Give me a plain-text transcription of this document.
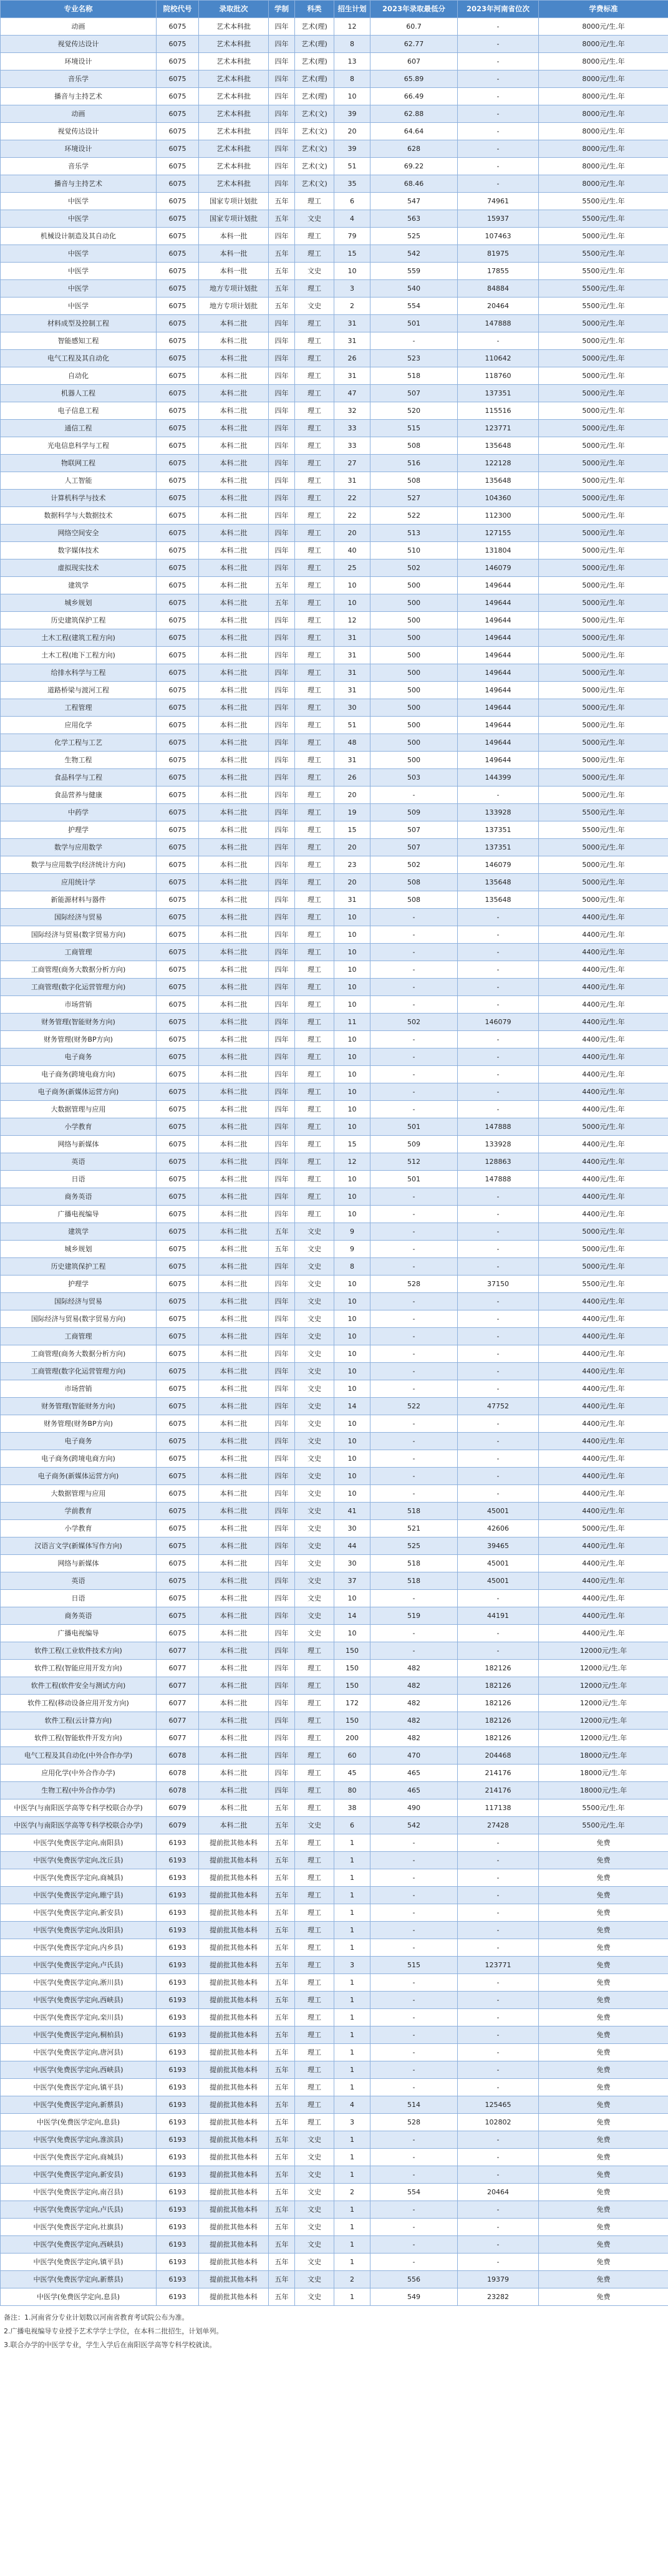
专业名称	院校代号	录取批次	学制	科类	招生计划	2023年录取最低分	2023年河南省位次	学费标准
动画	6075	艺术本科批	四年	艺术(理)	12	60.7	-	8000元/生.年
视觉传达设计	6075	艺术本科批	四年	艺术(理)	8	62.77	-	8000元/生.年
环境设计	6075	艺术本科批	四年	艺术(理)	13	607	-	8000元/生.年
音乐学	6075	艺术本科批	四年	艺术(理)	8	65.89	-	8000元/生.年
播音与主持艺术	6075	艺术本科批	四年	艺术(理)	10	66.49	-	8000元/生.年
动画	6075	艺术本科批	四年	艺术(文)	39	62.88	-	8000元/生.年
视觉传达设计	6075	艺术本科批	四年	艺术(文)	20	64.64	-	8000元/生.年
环境设计	6075	艺术本科批	四年	艺术(文)	39	628	-	8000元/生.年
音乐学	6075	艺术本科批	四年	艺术(文)	51	69.22	-	8000元/生.年
播音与主持艺术	6075	艺术本科批	四年	艺术(文)	35	68.46	-	8000元/生.年
中医学	6075	国家专项计划批	五年	理工	6	547	74961	5500元/生.年
中医学	6075	国家专项计划批	五年	文史	4	563	15937	5500元/生.年
机械设计制造及其自动化	6075	本科一批	四年	理工	79	525	107463	5000元/生.年
中医学	6075	本科一批	五年	理工	15	542	81975	5500元/生.年
中医学	6075	本科一批	五年	文史	10	559	17855	5500元/生.年
中医学	6075	地方专项计划批	五年	理工	3	540	84884	5500元/生.年
中医学	6075	地方专项计划批	五年	文史	2	554	20464	5500元/生.年
材料成型及控制工程	6075	本科二批	四年	理工	31	501	147888	5000元/生.年
智能感知工程	6075	本科二批	四年	理工	31	-	-	5000元/生.年
电气工程及其自动化	6075	本科二批	四年	理工	26	523	110642	5000元/生.年
自动化	6075	本科二批	四年	理工	31	518	118760	5000元/生.年
机器人工程	6075	本科二批	四年	理工	47	507	137351	5000元/生.年
电子信息工程	6075	本科二批	四年	理工	32	520	115516	5000元/生.年
通信工程	6075	本科二批	四年	理工	33	515	123771	5000元/生.年
光电信息科学与工程	6075	本科二批	四年	理工	33	508	135648	5000元/生.年
物联网工程	6075	本科二批	四年	理工	27	516	122128	5000元/生.年
人工智能	6075	本科二批	四年	理工	31	508	135648	5000元/生.年
计算机科学与技术	6075	本科二批	四年	理工	22	527	104360	5000元/生.年
数据科学与大数据技术	6075	本科二批	四年	理工	22	522	112300	5000元/生.年
网络空间安全	6075	本科二批	四年	理工	20	513	127155	5000元/生.年
数字媒体技术	6075	本科二批	四年	理工	40	510	131804	5000元/生.年
虚拟现实技术	6075	本科二批	四年	理工	25	502	146079	5000元/生.年
建筑学	6075	本科二批	五年	理工	10	500	149644	5000元/生.年
城乡规划	6075	本科二批	五年	理工	10	500	149644	5000元/生.年
历史建筑保护工程	6075	本科二批	四年	理工	12	500	149644	5000元/生.年
土木工程(建筑工程方向)	6075	本科二批	四年	理工	31	500	149644	5000元/生.年
土木工程(地下工程方向)	6075	本科二批	四年	理工	31	500	149644	5000元/生.年
给排水科学与工程	6075	本科二批	四年	理工	31	500	149644	5000元/生.年
道路桥梁与渡河工程	6075	本科二批	四年	理工	31	500	149644	5000元/生.年
工程管理	6075	本科二批	四年	理工	30	500	149644	5000元/生.年
应用化学	6075	本科二批	四年	理工	51	500	149644	5000元/生.年
化学工程与工艺	6075	本科二批	四年	理工	48	500	149644	5000元/生.年
生物工程	6075	本科二批	四年	理工	31	500	149644	5000元/生.年
食品科学与工程	6075	本科二批	四年	理工	26	503	144399	5000元/生.年
食品营养与健康	6075	本科二批	四年	理工	20	-	-	5000元/生.年
中药学	6075	本科二批	四年	理工	19	509	133928	5500元/生.年
护理学	6075	本科二批	四年	理工	15	507	137351	5500元/生.年
数学与应用数学	6075	本科二批	四年	理工	20	507	137351	5000元/生.年
数学与应用数学(经济统计方向)	6075	本科二批	四年	理工	23	502	146079	5000元/生.年
应用统计学	6075	本科二批	四年	理工	20	508	135648	5000元/生.年
新能源材料与器件	6075	本科二批	四年	理工	31	508	135648	5000元/生.年
国际经济与贸易	6075	本科二批	四年	理工	10	-	-	4400元/生.年
国际经济与贸易(数字贸易方向)	6075	本科二批	四年	理工	10	-	-	4400元/生.年
工商管理	6075	本科二批	四年	理工	10	-	-	4400元/生.年
工商管理(商务大数据分析方向)	6075	本科二批	四年	理工	10	-	-	4400元/生.年
工商管理(数字化运营管理方向)	6075	本科二批	四年	理工	10	-	-	4400元/生.年
市场营销	6075	本科二批	四年	理工	10	-	-	4400元/生.年
财务管理(智能财务方向)	6075	本科二批	四年	理工	11	502	146079	4400元/生.年
财务管理(财务BP方向)	6075	本科二批	四年	理工	10	-	-	4400元/生.年
电子商务	6075	本科二批	四年	理工	10	-	-	4400元/生.年
电子商务(跨境电商方向)	6075	本科二批	四年	理工	10	-	-	4400元/生.年
电子商务(新媒体运营方向)	6075	本科二批	四年	理工	10	-	-	4400元/生.年
大数据管理与应用	6075	本科二批	四年	理工	10	-	-	4400元/生.年
小学教育	6075	本科二批	四年	理工	10	501	147888	5000元/生.年
网络与新媒体	6075	本科二批	四年	理工	15	509	133928	4400元/生.年
英语	6075	本科二批	四年	理工	12	512	128863	4400元/生.年
日语	6075	本科二批	四年	理工	10	501	147888	4400元/生.年
商务英语	6075	本科二批	四年	理工	10	-	-	4400元/生.年
广播电视编导	6075	本科二批	四年	理工	10	-	-	4400元/生.年
建筑学	6075	本科二批	五年	文史	9	-	-	5000元/生.年
城乡规划	6075	本科二批	五年	文史	9	-	-	5000元/生.年
历史建筑保护工程	6075	本科二批	四年	文史	8	-	-	5000元/生.年
护理学	6075	本科二批	四年	文史	10	528	37150	5500元/生.年
国际经济与贸易	6075	本科二批	四年	文史	10	-	-	4400元/生.年
国际经济与贸易(数字贸易方向)	6075	本科二批	四年	文史	10	-	-	4400元/生.年
工商管理	6075	本科二批	四年	文史	10	-	-	4400元/生.年
工商管理(商务大数据分析方向)	6075	本科二批	四年	文史	10	-	-	4400元/生.年
工商管理(数字化运营管理方向)	6075	本科二批	四年	文史	10	-	-	4400元/生.年
市场营销	6075	本科二批	四年	文史	10	-	-	4400元/生.年
财务管理(智能财务方向)	6075	本科二批	四年	文史	14	522	47752	4400元/生.年
财务管理(财务BP方向)	6075	本科二批	四年	文史	10	-	-	4400元/生.年
电子商务	6075	本科二批	四年	文史	10	-	-	4400元/生.年
电子商务(跨境电商方向)	6075	本科二批	四年	文史	10	-	-	4400元/生.年
电子商务(新媒体运营方向)	6075	本科二批	四年	文史	10	-	-	4400元/生.年
大数据管理与应用	6075	本科二批	四年	文史	10	-	-	4400元/生.年
学前教育	6075	本科二批	四年	文史	41	518	45001	4400元/生.年
小学教育	6075	本科二批	四年	文史	30	521	42606	5000元/生.年
汉语言文学(新媒体写作方向)	6075	本科二批	四年	文史	44	525	39465	4400元/生.年
网络与新媒体	6075	本科二批	四年	文史	30	518	45001	4400元/生.年
英语	6075	本科二批	四年	文史	37	518	45001	4400元/生.年
日语	6075	本科二批	四年	文史	10	-	-	4400元/生.年
商务英语	6075	本科二批	四年	文史	14	519	44191	4400元/生.年
广播电视编导	6075	本科二批	四年	文史	10	-	-	4400元/生.年
软件工程(工业软件技术方向)	6077	本科二批	四年	理工	150	-	-	12000元/生.年
软件工程(智能应用开发方向)	6077	本科二批	四年	理工	150	482	182126	12000元/生.年
软件工程(软件安全与测试方向)	6077	本科二批	四年	理工	150	482	182126	12000元/生.年
软件工程(移动设备应用开发方向)	6077	本科二批	四年	理工	172	482	182126	12000元/生.年
软件工程(云计算方向)	6077	本科二批	四年	理工	150	482	182126	12000元/生.年
软件工程(智能软件开发方向)	6077	本科二批	四年	理工	200	482	182126	12000元/生.年
电气工程及其自动化(中外合作办学)	6078	本科二批	四年	理工	60	470	204468	18000元/生.年
应用化学(中外合作办学)	6078	本科二批	四年	理工	45	465	214176	18000元/生.年
生物工程(中外合作办学)	6078	本科二批	四年	理工	80	465	214176	18000元/生.年
中医学(与南阳医学高等专科学校联合办学)	6079	本科二批	五年	理工	38	490	117138	5500元/生.年
中医学(与南阳医学高等专科学校联合办学)	6079	本科二批	五年	文史	6	542	27428	5500元/生.年
中医学(免费医学定向,南阳县)	6193	提前批其他本科	五年	理工	1	-	-	免费
中医学(免费医学定向,沈丘县)	6193	提前批其他本科	五年	理工	1	-	-	免费
中医学(免费医学定向,商城县)	6193	提前批其他本科	五年	理工	1	-	-	免费
中医学(免费医学定向,睢宁县)	6193	提前批其他本科	五年	理工	1	-	-	免费
中医学(免费医学定向,新安县)	6193	提前批其他本科	五年	理工	1	-	-	免费
中医学(免费医学定向,汝阳县)	6193	提前批其他本科	五年	理工	1	-	-	免费
中医学(免费医学定向,内乡县)	6193	提前批其他本科	五年	理工	1	-	-	免费
中医学(免费医学定向,卢氏县)	6193	提前批其他本科	五年	理工	3	515	123771	免费
中医学(免费医学定向,淅川县)	6193	提前批其他本科	五年	理工	1	-	-	免费
中医学(免费医学定向,西峡县)	6193	提前批其他本科	五年	理工	1	-	-	免费
中医学(免费医学定向,栾川县)	6193	提前批其他本科	五年	理工	1	-	-	免费
中医学(免费医学定向,桐柏县)	6193	提前批其他本科	五年	理工	1	-	-	免费
中医学(免费医学定向,唐河县)	6193	提前批其他本科	五年	理工	1	-	-	免费
中医学(免费医学定向,西峡县)	6193	提前批其他本科	五年	理工	1	-	-	免费
中医学(免费医学定向,镇平县)	6193	提前批其他本科	五年	理工	1	-	-	免费
中医学(免费医学定向,新蔡县)	6193	提前批其他本科	五年	理工	4	514	125465	免费
中医学(免费医学定向,息县)	6193	提前批其他本科	五年	理工	3	528	102802	免费
中医学(免费医学定向,淮滨县)	6193	提前批其他本科	五年	文史	1	-	-	免费
中医学(免费医学定向,商城县)	6193	提前批其他本科	五年	文史	1	-	-	免费
中医学(免费医学定向,新安县)	6193	提前批其他本科	五年	文史	1	-	-	免费
中医学(免费医学定向,南召县)	6193	提前批其他本科	五年	文史	2	554	20464	免费
中医学(免费医学定向,卢氏县)	6193	提前批其他本科	五年	文史	1	-	-	免费
中医学(免费医学定向,社旗县)	6193	提前批其他本科	五年	文史	1	-	-	免费
中医学(免费医学定向,西峡县)	6193	提前批其他本科	五年	文史	1	-	-	免费
中医学(免费医学定向,镇平县)	6193	提前批其他本科	五年	文史	1	-	-	免费
中医学(免费医学定向,新蔡县)	6193	提前批其他本科	五年	文史	2	556	19379	免费
中医学(免费医学定向,息县)	6193	提前批其他本科	五年	文史	1	549	23282	免费
备注：1.河南省分专业计划数以河南省教育考试院公布为准。
2.广播电视编导专业授予艺术学学士学位，在本科二批招生，计划单列。
3.联合办学的中医学专业，学生入学后在南阳医学高等专科学校就读。
